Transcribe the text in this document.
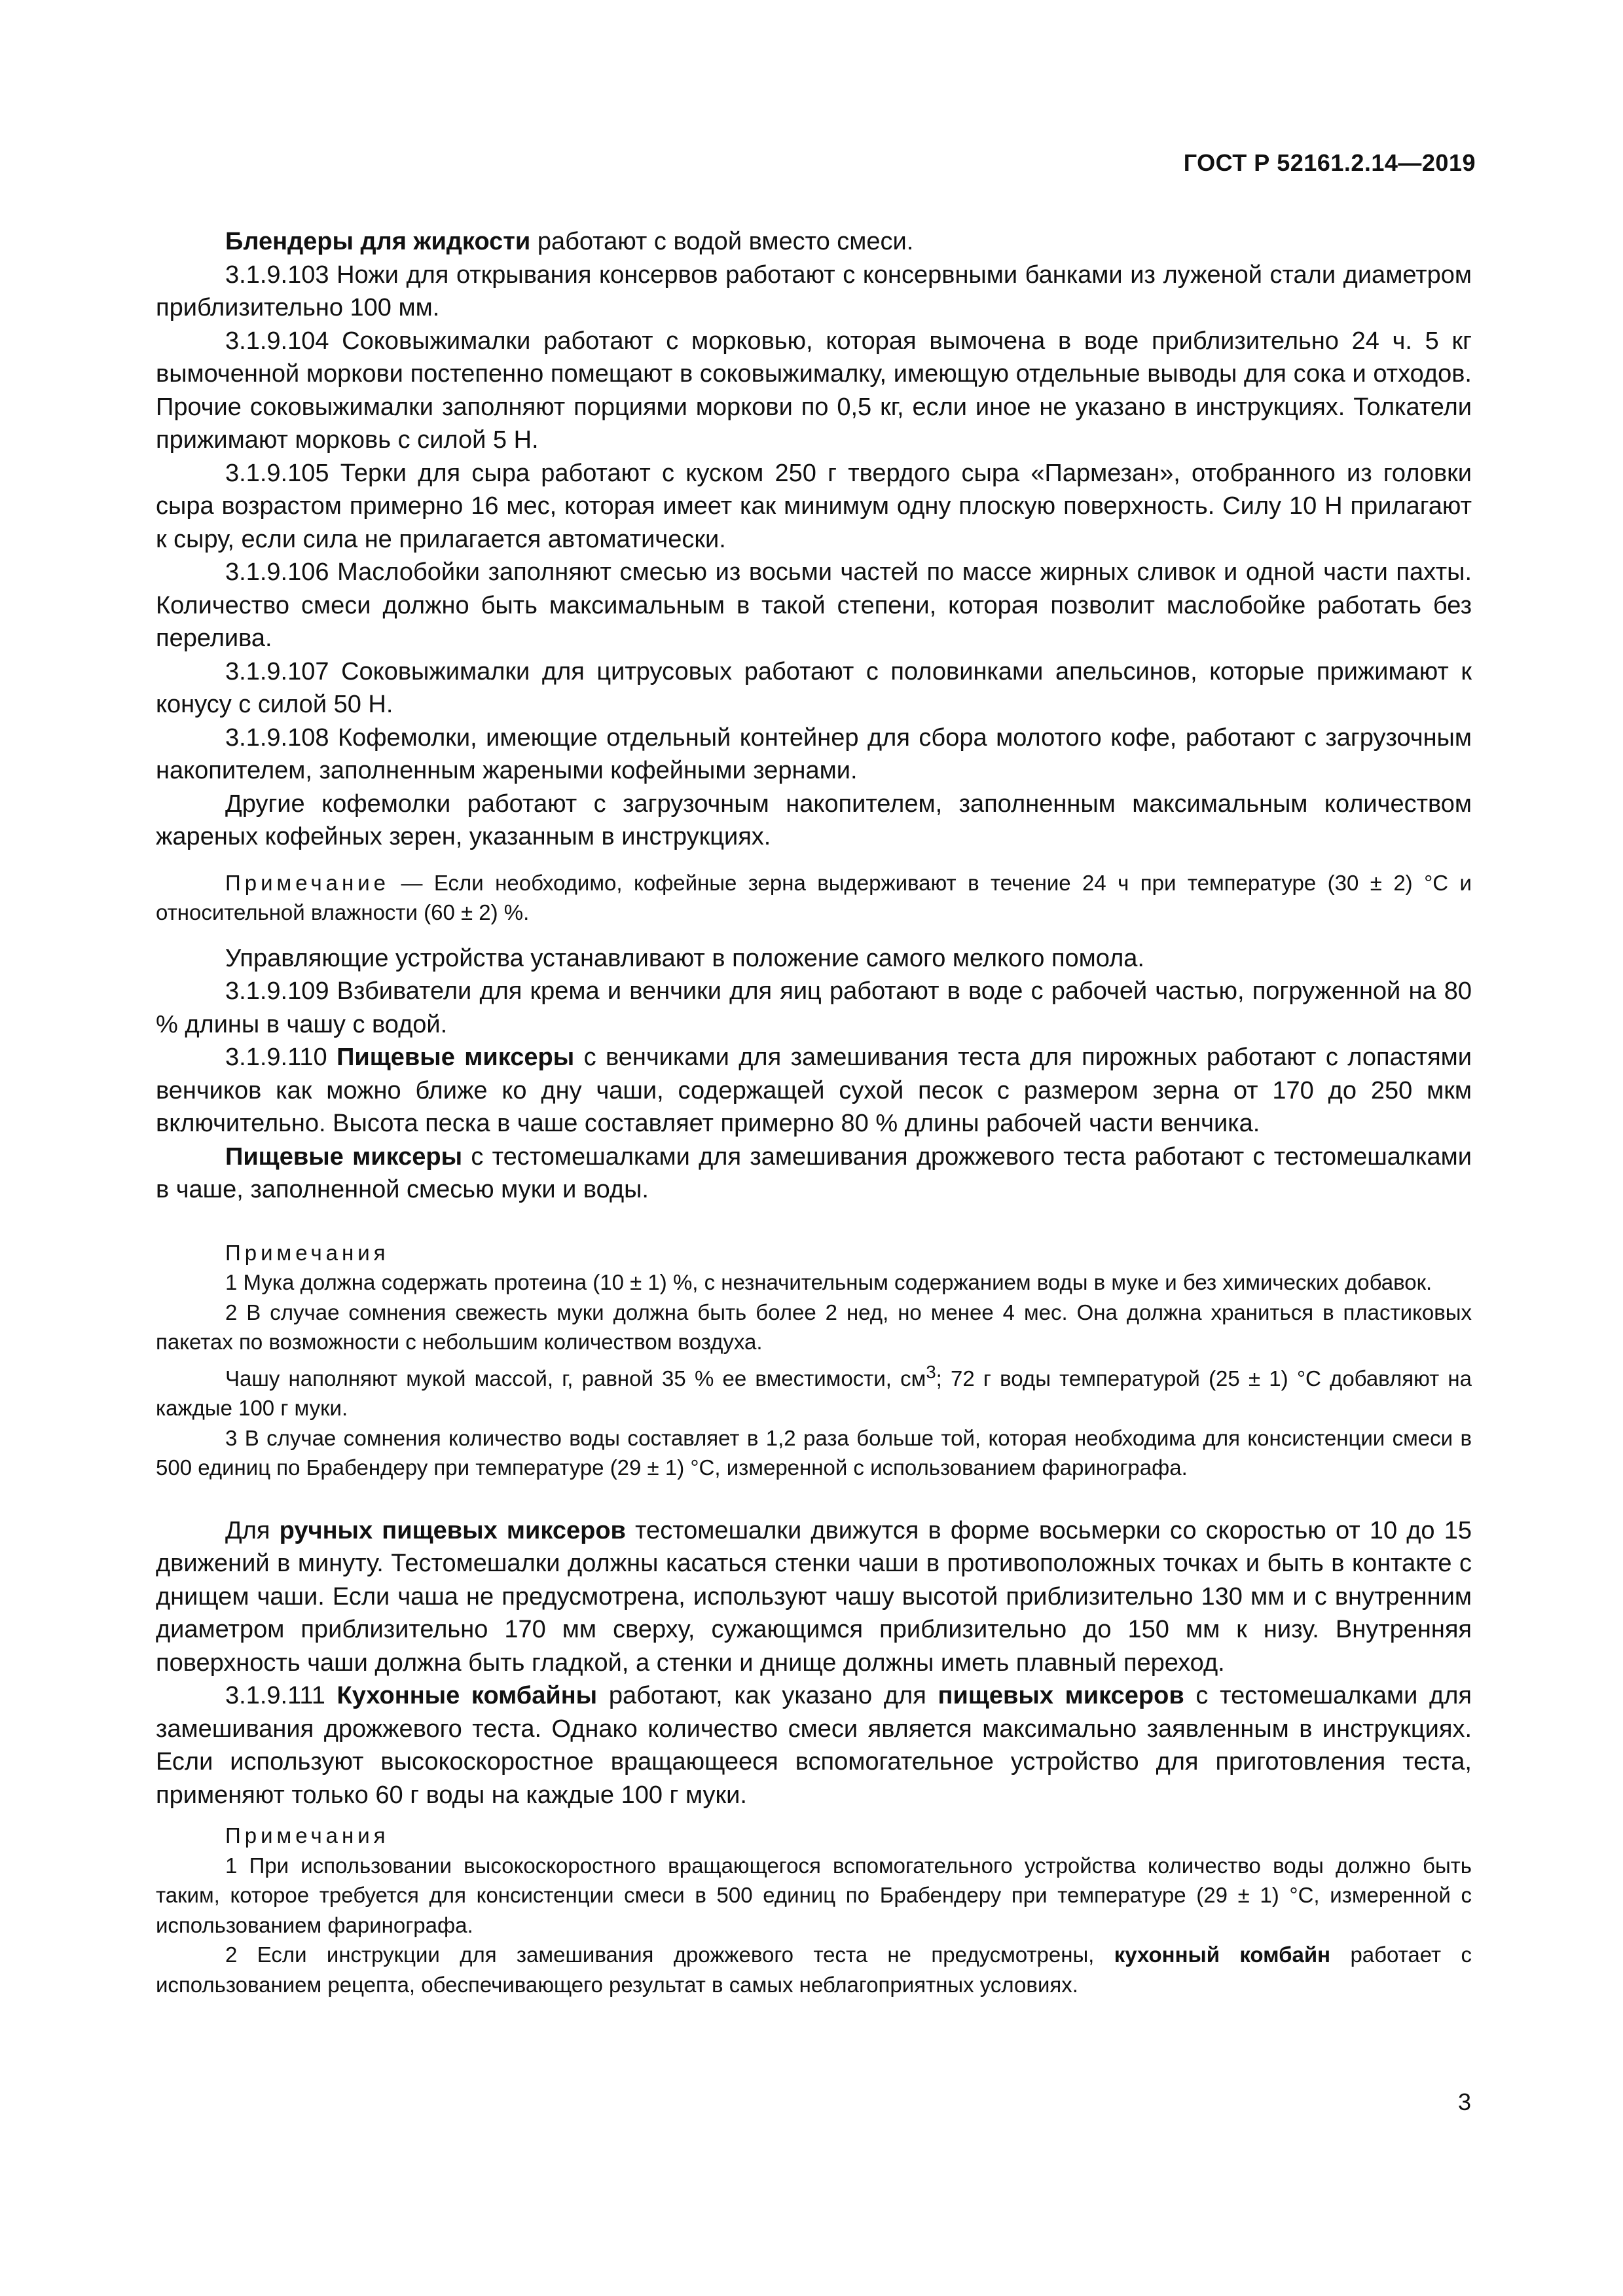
ГОСТ Р 52161.2.14—2019

Блендеры для жидкости работают с водой вместо смеси.

3.1.9.103 Ножи для открывания консервов работают с консервными банками из луженой стали диаметром приблизительно 100 мм.

3.1.9.104 Соковыжималки работают с морковью, которая вымочена в воде приблизительно 24 ч. 5 кг вымоченной моркови постепенно помещают в соковыжималку, имеющую отдельные выводы для сока и отходов. Прочие соковыжималки заполняют порциями моркови по 0,5 кг, если иное не указано в инструкциях. Толкатели прижимают морковь с силой 5 Н.

3.1.9.105 Терки для сыра работают с куском 250 г твердого сыра «Пармезан», отобранного из головки сыра возрастом примерно 16 мес, которая имеет как минимум одну плоскую поверхность. Силу 10 Н прилагают к сыру, если сила не прилагается автоматически.

3.1.9.106 Маслобойки заполняют смесью из восьми частей по массе жирных сливок и одной части пахты. Количество смеси должно быть максимальным в такой степени, которая позволит маслобойке работать без перелива.

3.1.9.107 Соковыжималки для цитрусовых работают с половинками апельсинов, которые прижимают к конусу с силой 50 Н.

3.1.9.108 Кофемолки, имеющие отдельный контейнер для сбора молотого кофе, работают с загрузочным накопителем, заполненным жареными кофейными зернами.

Другие кофемолки работают с загрузочным накопителем, заполненным максимальным количеством жареных кофейных зерен, указанным в инструкциях.

Примечание — Если необходимо, кофейные зерна выдерживают в течение 24 ч при температуре (30 ± 2) °С и относительной влажности (60 ± 2) %.

Управляющие устройства устанавливают в положение самого мелкого помола.

3.1.9.109 Взбиватели для крема и венчики для яиц работают в воде с рабочей частью, погруженной на 80 % длины в чашу с водой.

3.1.9.110 Пищевые миксеры с венчиками для замешивания теста для пирожных работают с лопастями венчиков как можно ближе ко дну чаши, содержащей сухой песок с размером зерна от 170 до 250 мкм включительно. Высота песка в чаше составляет примерно 80 % длины рабочей части венчика.

Пищевые миксеры с тестомешалками для замешивания дрожжевого теста работают с тестомешалками в чаше, заполненной смесью муки и воды.

Примечания

1 Мука должна содержать протеина (10 ± 1) %, с незначительным содержанием воды в муке и без химических добавок.

2 В случае сомнения свежесть муки должна быть более 2 нед, но менее 4 мес. Она должна храниться в пластиковых пакетах по возможности с небольшим количеством воздуха.

Чашу наполняют мукой массой, г, равной 35 % ее вместимости, $см^3$; 72 г воды температурой (25 ± 1) °С добавляют на каждые 100 г муки.

3 В случае сомнения количество воды составляет в 1,2 раза больше той, которая необходима для консистенции смеси в 500 единиц по Брабендеру при температуре (29 ± 1) °С, измеренной с использованием фаринографа.

Для ручных пищевых миксеров тестомешалки движутся в форме восьмерки со скоростью от 10 до 15 движений в минуту. Тестомешалки должны касаться стенки чаши в противоположных точках и быть в контакте с днищем чаши. Если чаша не предусмотрена, используют чашу высотой приблизительно 130 мм и с внутренним диаметром приблизительно 170 мм сверху, сужающимся приблизительно до 150 мм к низу. Внутренняя поверхность чаши должна быть гладкой, а стенки и днище должны иметь плавный переход.

3.1.9.111 Кухонные комбайны работают, как указано для пищевых миксеров с тестомешалками для замешивания дрожжевого теста. Однако количество смеси является максимально заявленным в инструкциях. Если используют высокоскоростное вращающееся вспомогательное устройство для приготовления теста, применяют только 60 г воды на каждые 100 г муки.

Примечания

1 При использовании высокоскоростного вращающегося вспомогательного устройства количество воды должно быть таким, которое требуется для консистенции смеси в 500 единиц по Брабендеру при температуре (29 ± 1) °С, измеренной с использованием фаринографа.

2 Если инструкции для замешивания дрожжевого теста не предусмотрены, кухонный комбайн работает с использованием рецепта, обеспечивающего результат в самых неблагоприятных условиях.

3
